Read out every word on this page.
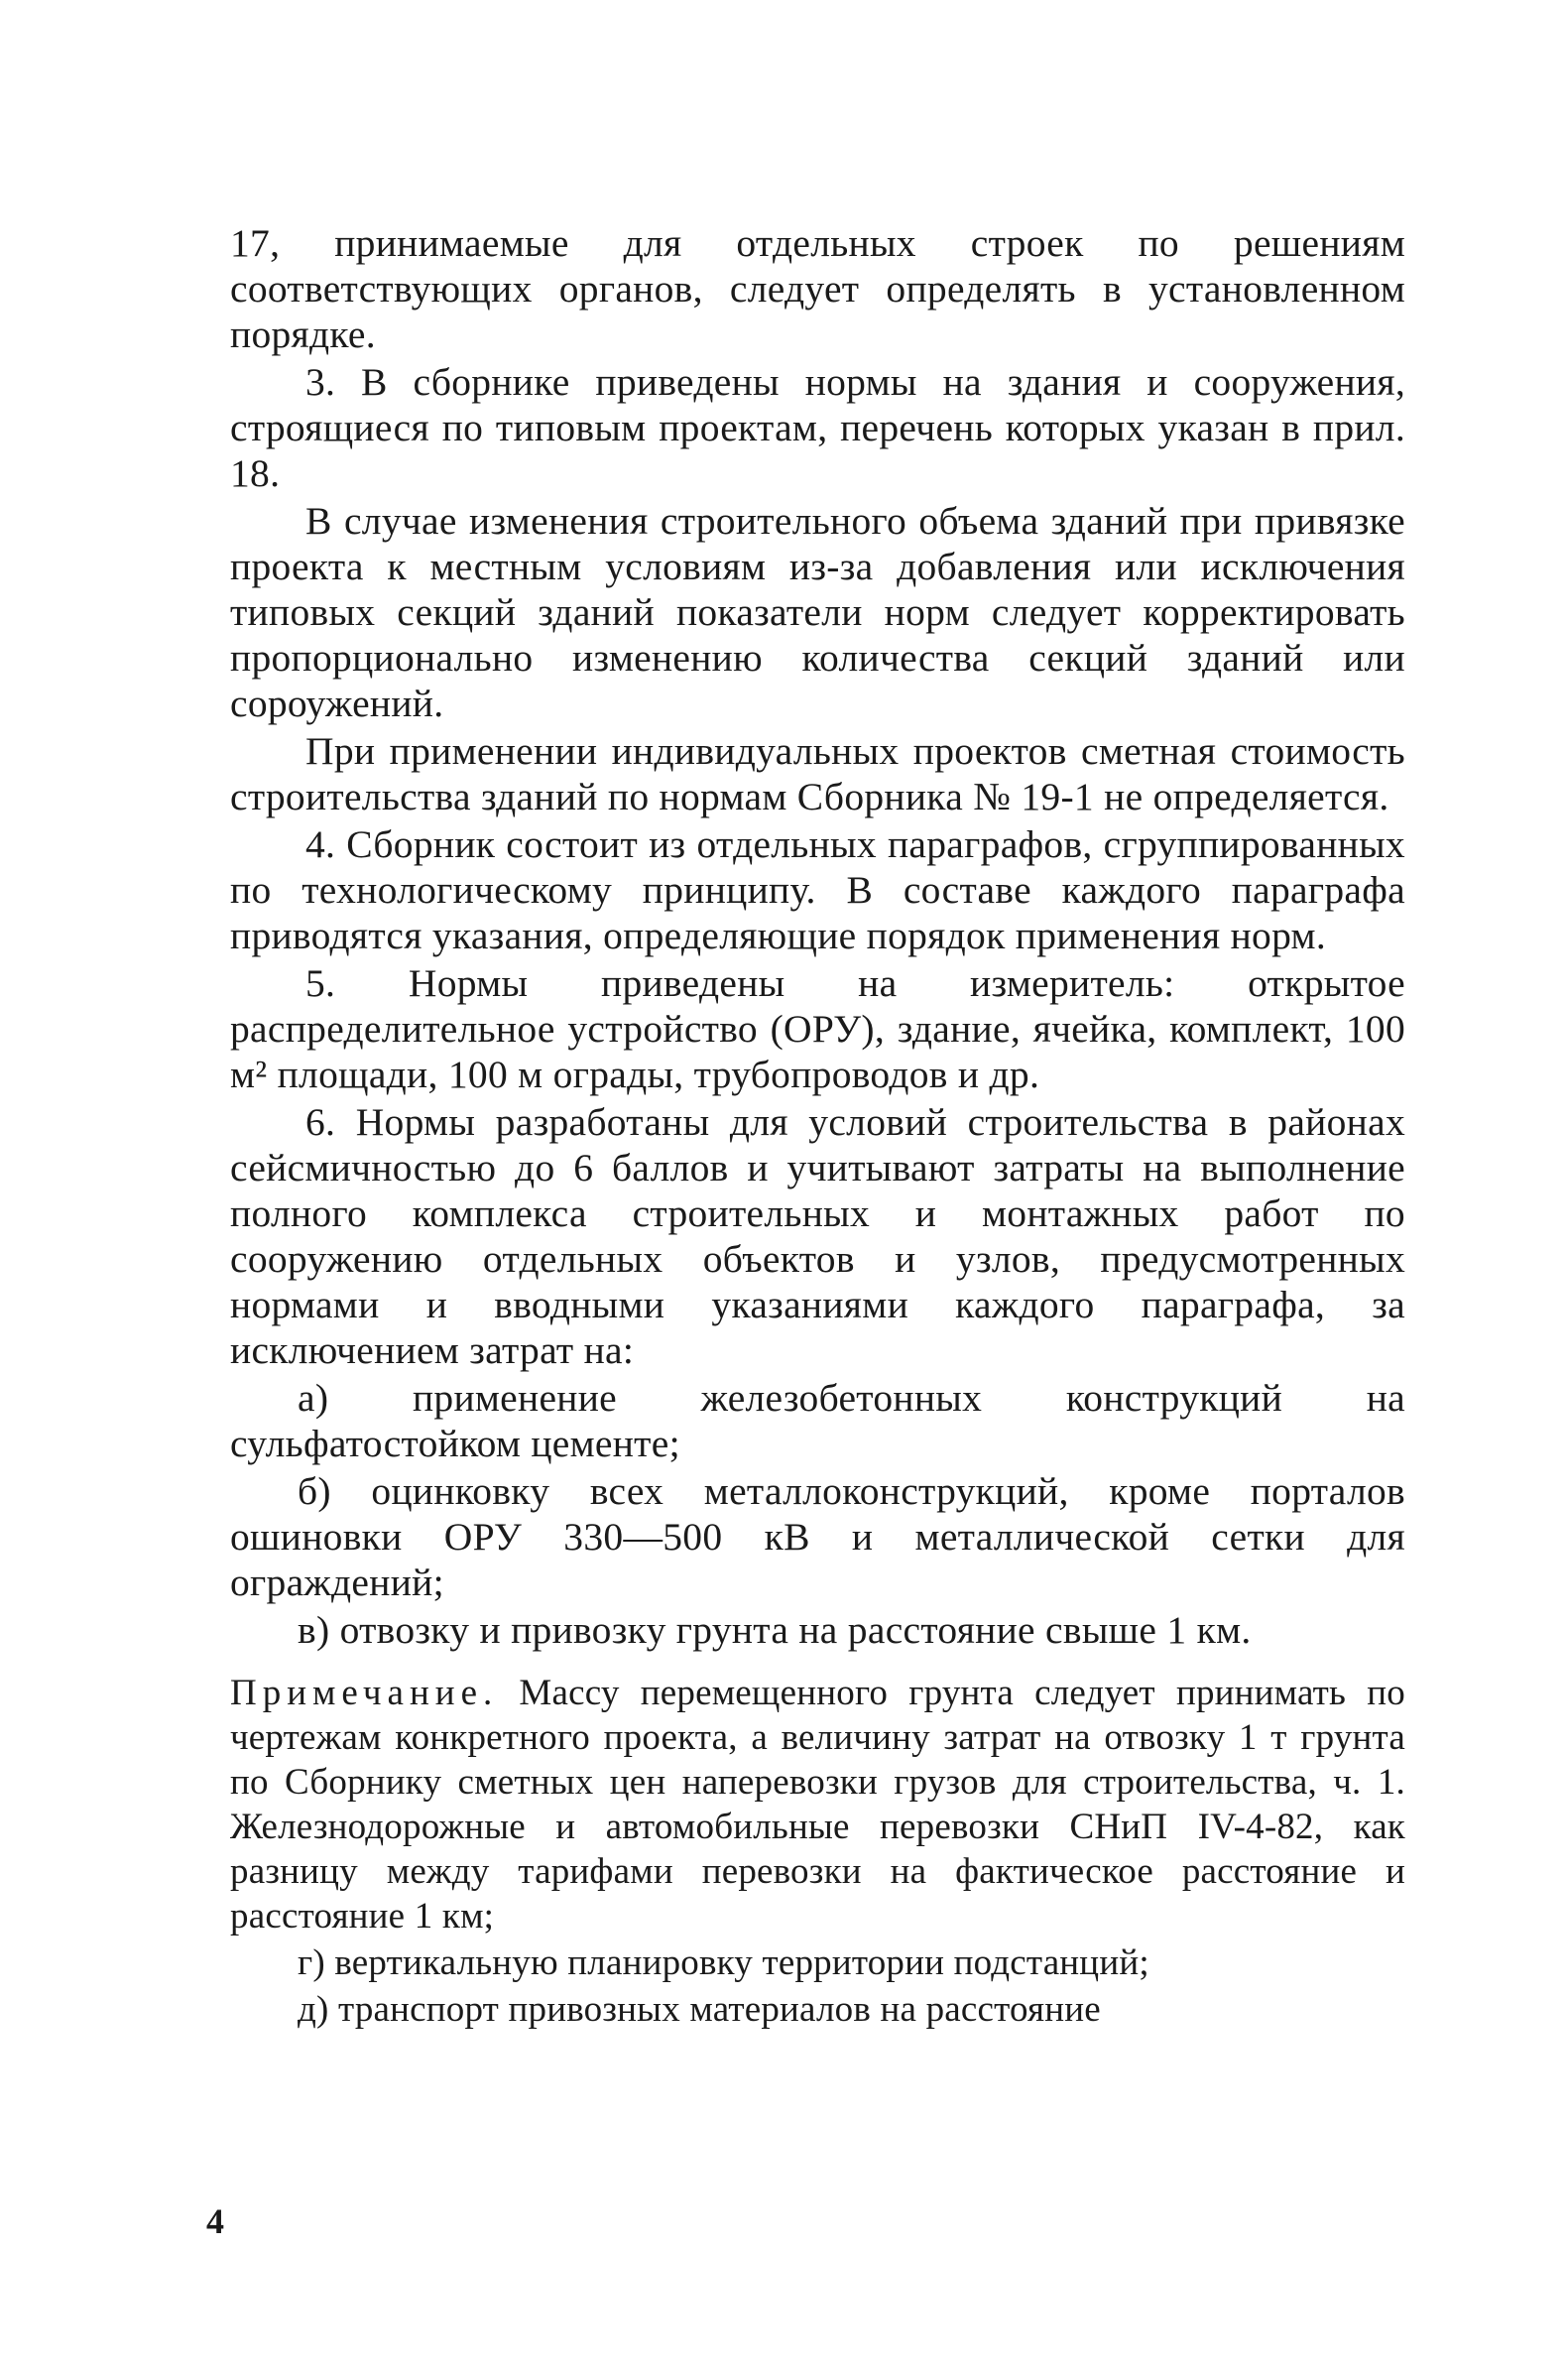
17, принимаемые для отдельных строек по решениям соответствующих органов, следует определять в установленном порядке.

3. В сборнике приведены нормы на здания и сооружения, строящиеся по типовым проектам, перечень которых указан в прил. 18.

В случае изменения строительного объема зданий при привязке проекта к местным условиям из-за добавления или исключения типовых секций зданий показатели норм следует корректировать пропорционально изменению количества секций зданий или сороужений.

При применении индивидуальных проектов сметная стоимость строительства зданий по нормам Сборника № 19-1 не определяется.

4. Сборник состоит из отдельных параграфов, сгруппированных по технологическому принципу. В составе каждого параграфа приводятся указания, определяющие порядок применения норм.

5. Нормы приведены на измеритель: открытое распределительное устройство (ОРУ), здание, ячейка, комплект, 100 м² площади, 100 м ограды, трубопроводов и др.

6. Нормы разработаны для условий строительства в районах сейсмичностью до 6 баллов и учитывают затраты на выполнение полного комплекса строительных и монтажных работ по сооружению отдельных объектов и узлов, предусмотренных нормами и вводными указаниями каждого параграфа, за исключением затрат на:

а) применение железобетонных конструкций на сульфатостойком цементе;

б) оцинковку всех металлоконструкций, кроме порталов ошиновки ОРУ 330—500 кВ и металлической сетки для ограждений;

в) отвозку и привозку грунта на расстояние свыше 1 км.

Примечание. Массу перемещенного грунта следует принимать по чертежам конкретного проекта, а величину затрат на отвозку 1 т грунта по Сборнику сметных цен наперевозки грузов для строительства, ч. 1. Железнодорожные и автомобильные перевозки СНиП IV-4-82, как разницу между тарифами перевозки на фактическое расстояние и расстояние 1 км;

г) вертикальную планировку территории подстанций;

д) транспорт привозных материалов на расстояние

4
